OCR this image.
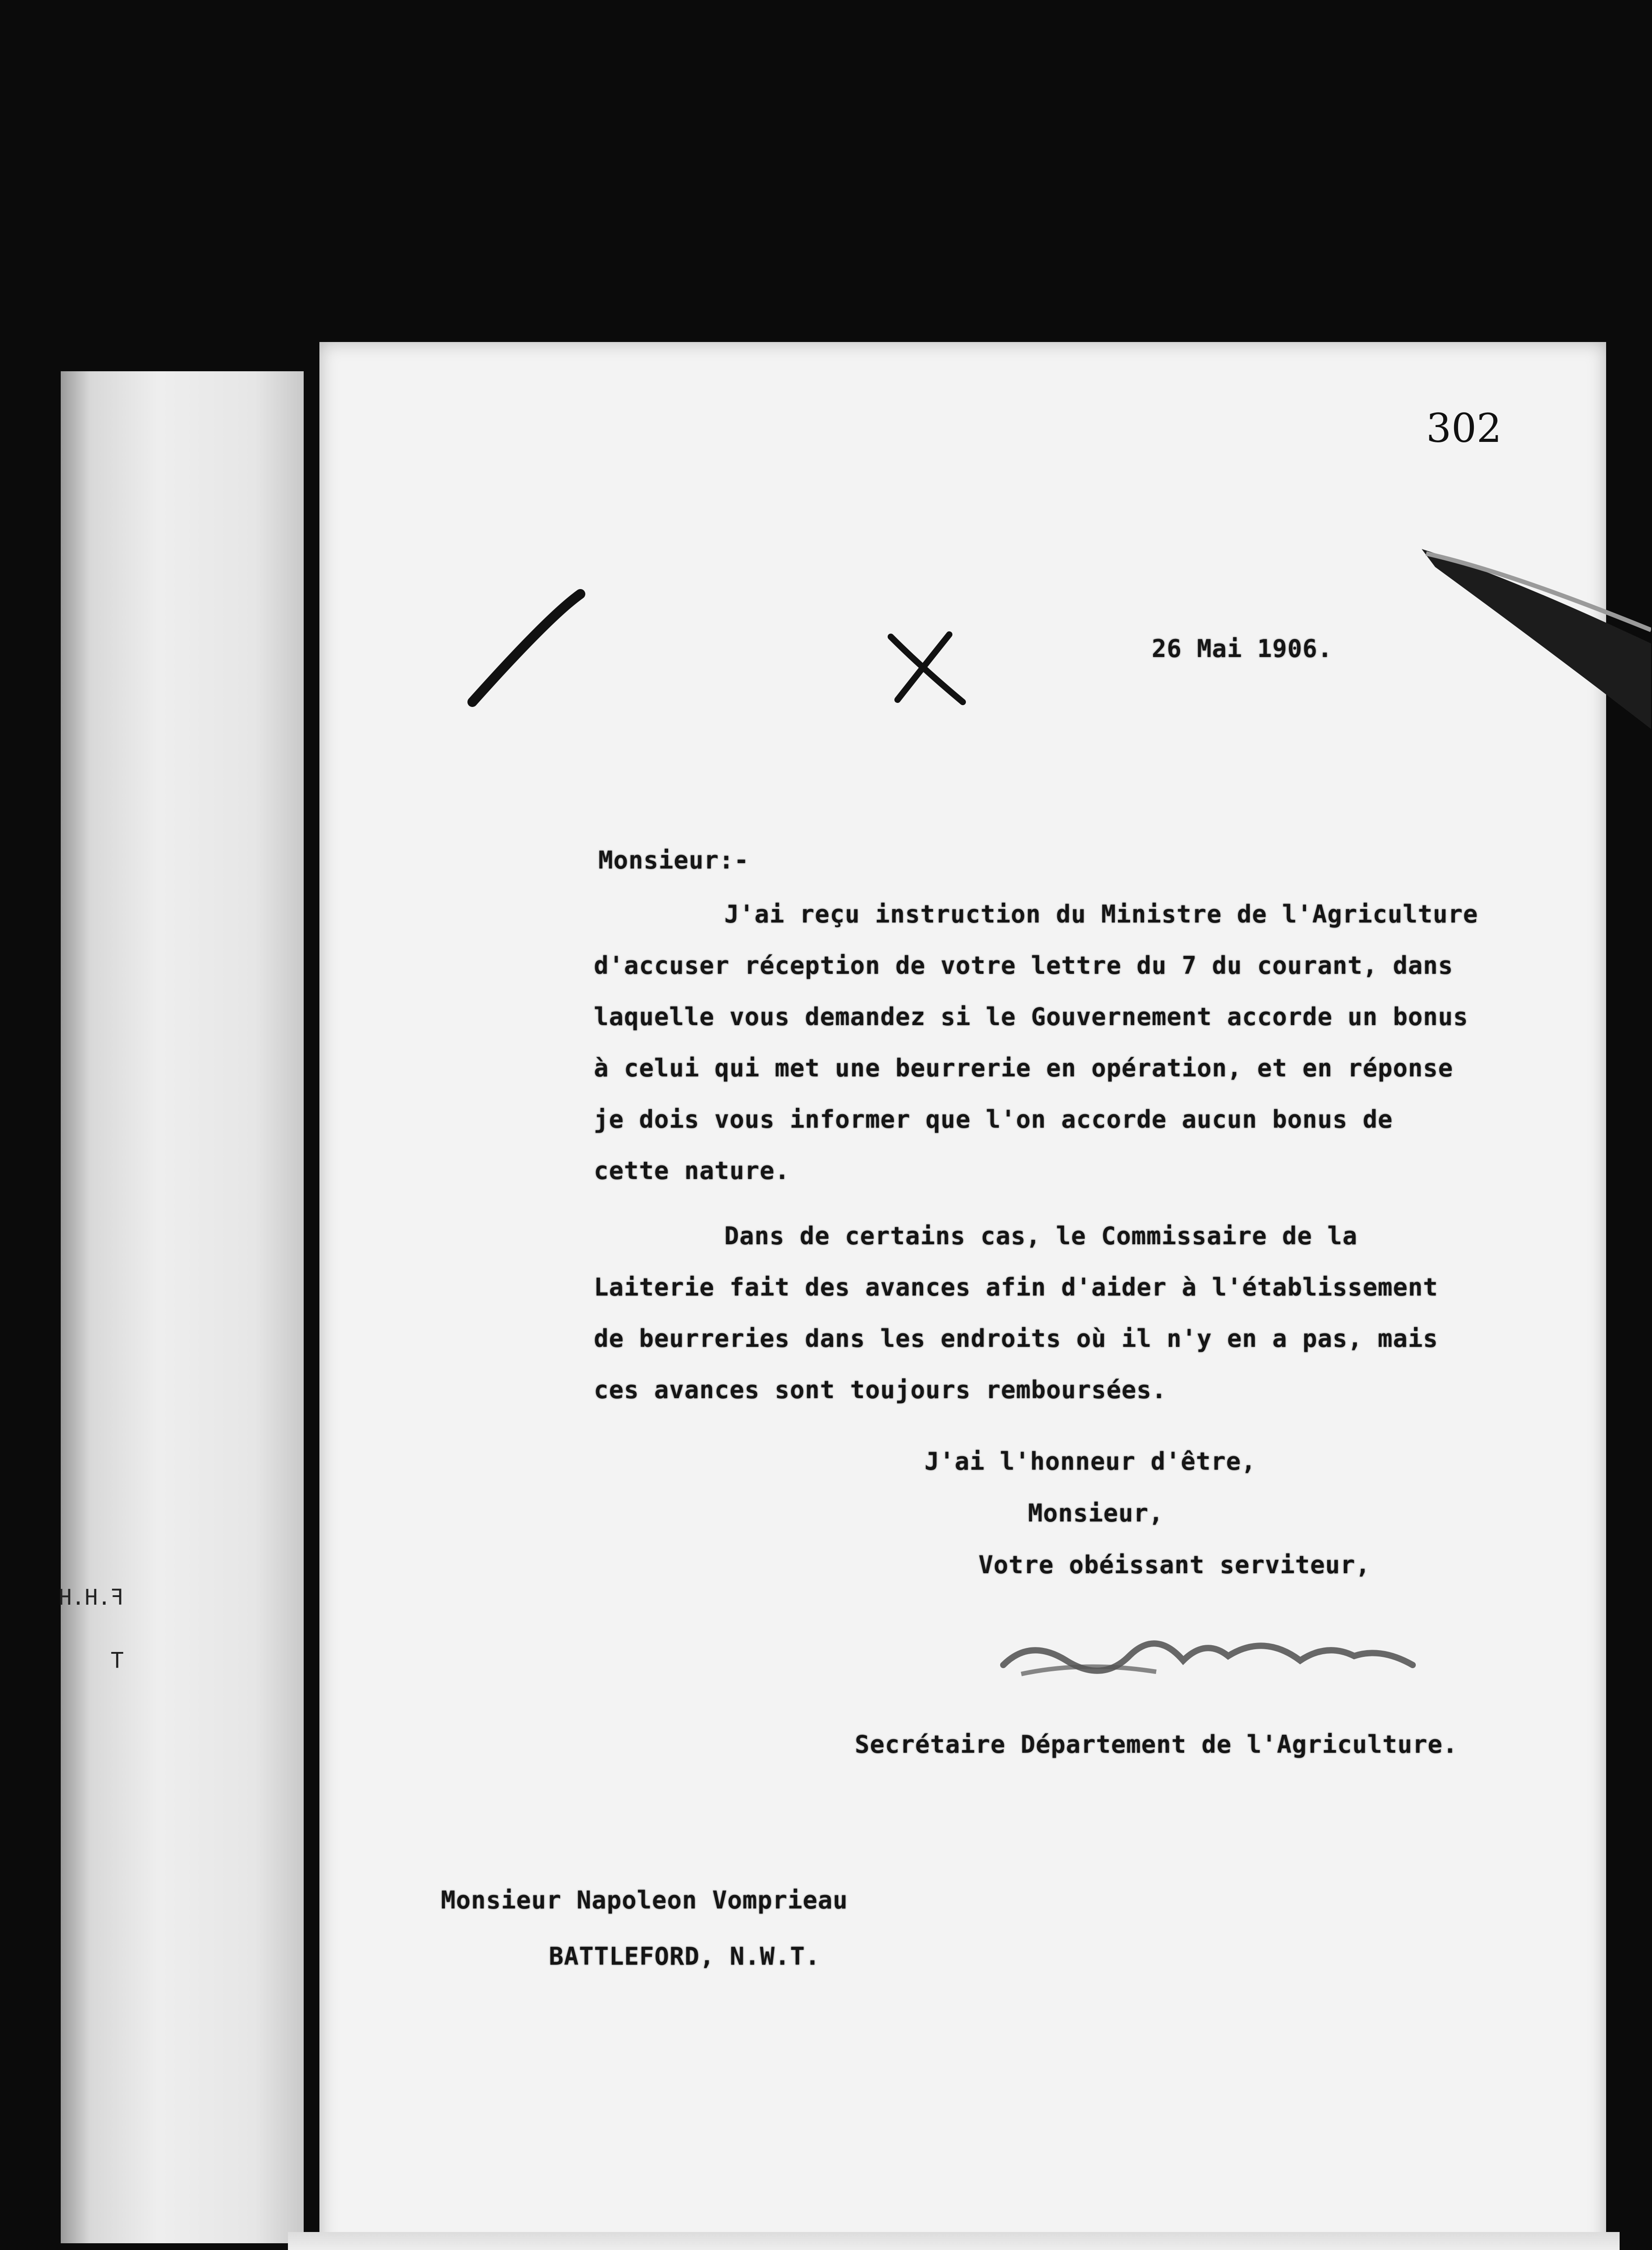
F.H.H
T
302
26 Mai 1906.
Monsieur:-
J'ai reçu instruction du Ministre de l'Agriculture
d'accuser réception de votre lettre du 7 du courant, dans
laquelle vous demandez si le Gouvernement accorde un bonus
à celui qui met une beurrerie en opération, et en réponse
je dois vous informer que l'on accorde aucun bonus de
cette nature.
Dans de certains cas, le Commissaire de la
Laiterie fait des avances afin d'aider à l'établissement
de beurreries dans les endroits où il n'y en a pas, mais
ces avances sont toujours remboursées.
J'ai l'honneur d'être,
Monsieur,
Votre obéissant serviteur,
Secrétaire Département de l'Agriculture.
Monsieur Napoleon Vomprieau
BATTLEFORD, N.W.T.
